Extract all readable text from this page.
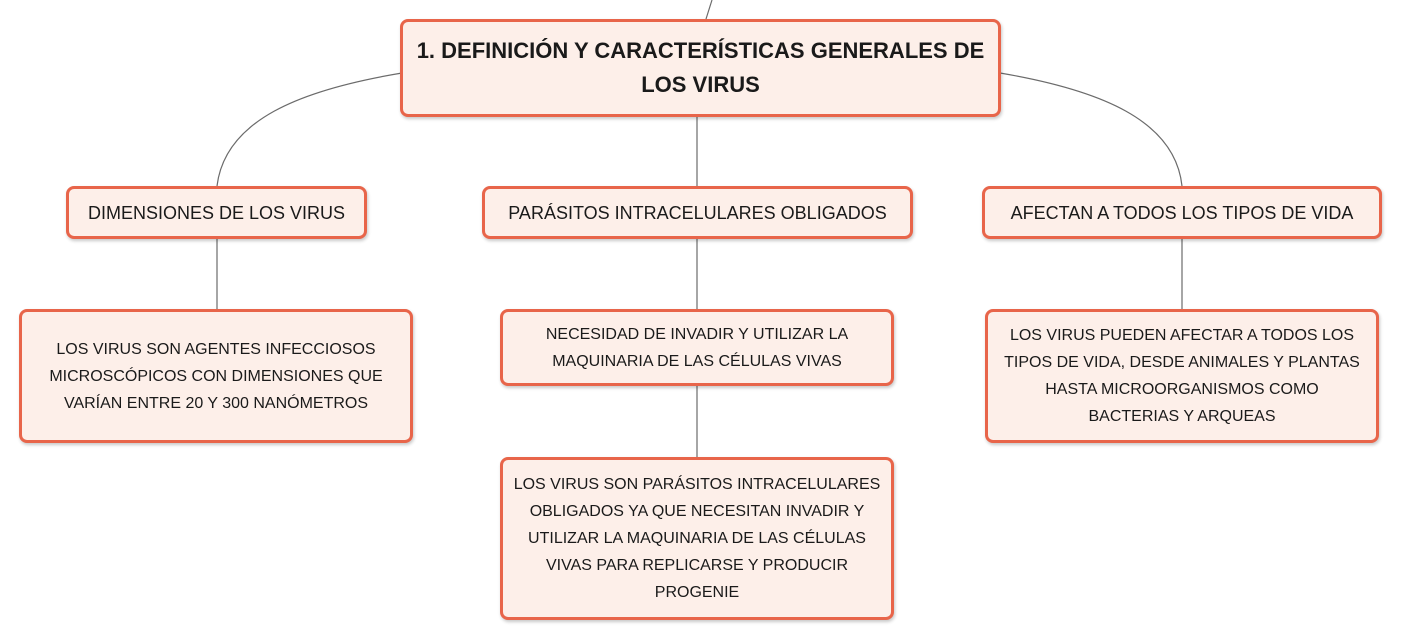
1. DEFINICIÓN Y CARACTERÍSTICAS GENERALES DE LOS VIRUS
DIMENSIONES DE LOS VIRUS	PARÁSITOS INTRACELULARES OBLIGADOS	AFECTAN A TODOS LOS TIPOS DE VIDA
LOS VIRUS SON AGENTES INFECCIOSOS MICROSCÓPICOS CON DIMENSIONES QUE VARÍAN ENTRE 20 Y 300 NANÓMETROS
NECESIDAD DE INVADIR Y UTILIZAR LA MAQUINARIA DE LAS CÉLULAS VIVAS
LOS VIRUS SON PARÁSITOS INTRACELULARES OBLIGADOS YA QUE NECESITAN INVADIR Y UTILIZAR LA MAQUINARIA DE LAS CÉLULAS VIVAS PARA REPLICARSE Y PRODUCIR PROGENIE
LOS VIRUS PUEDEN AFECTAR A TODOS LOS TIPOS DE VIDA, DESDE ANIMALES Y PLANTAS HASTA MICROORGANISMOS COMO BACTERIAS Y ARQUEAS
